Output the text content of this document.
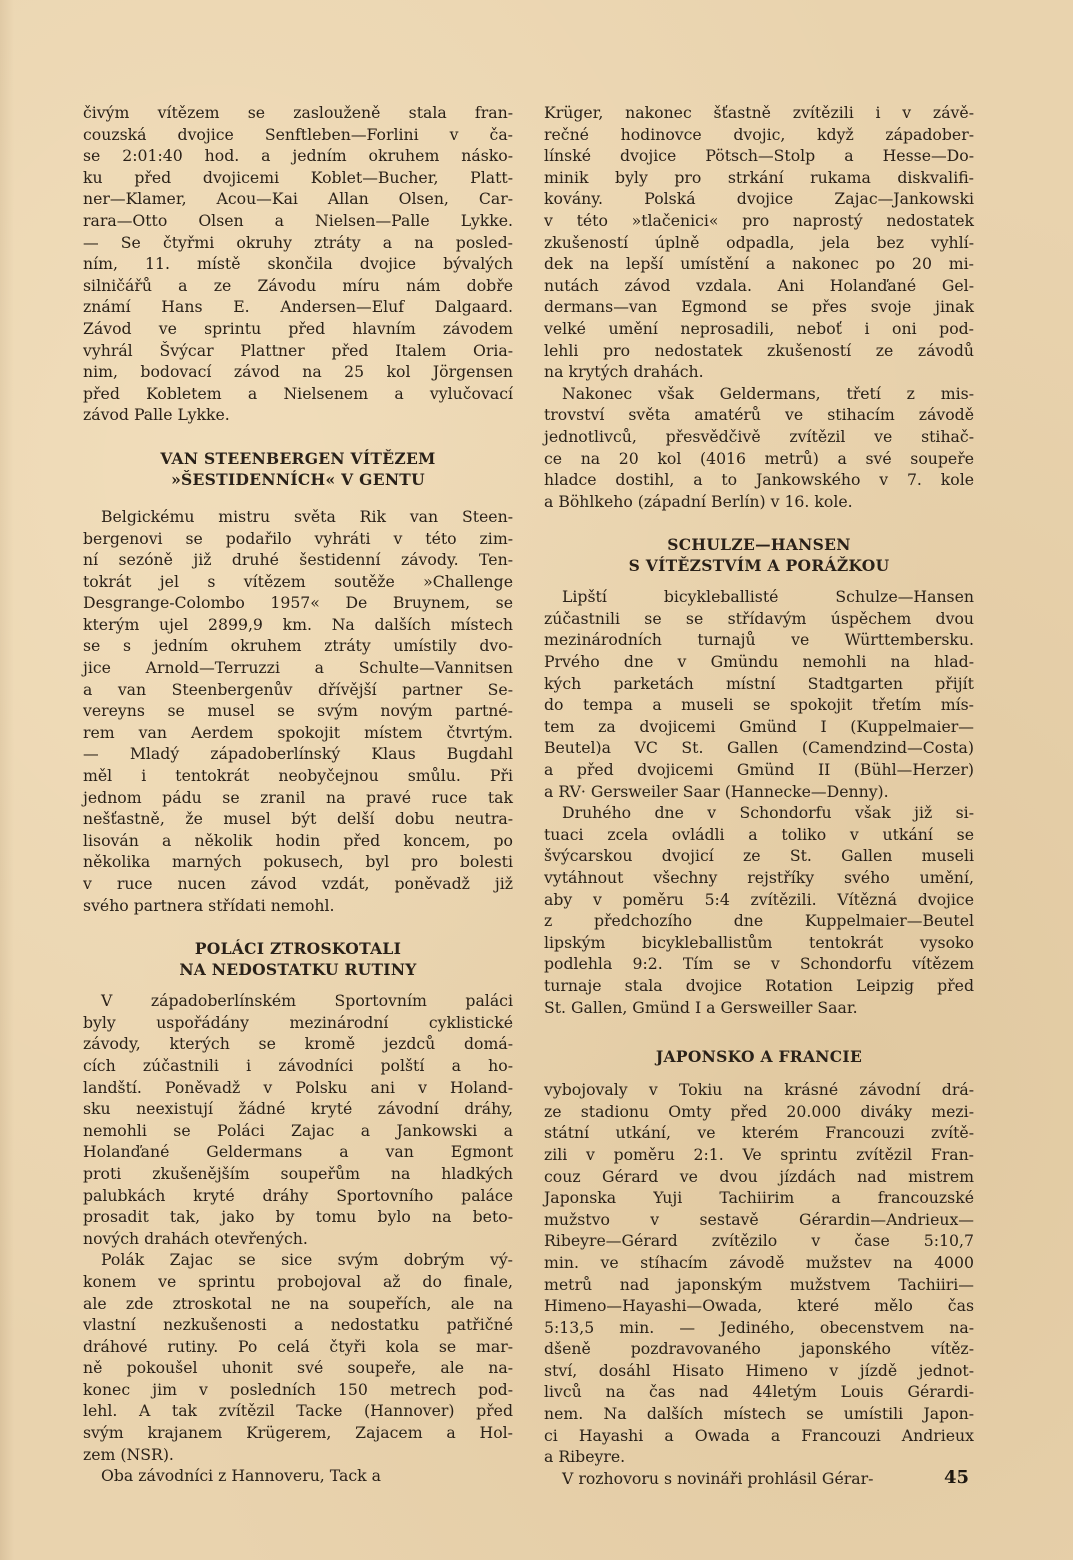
čivým vítězem se zaslouženě stala fran-
couzská dvojice Senftleben—Forlini v ča-
se 2:01:40 hod. a jedním okruhem násko-
ku před dvojicemi Koblet—Bucher, Platt-
ner—Klamer, Acou—Kai Allan Olsen, Car-
rara—Otto Olsen a Nielsen—Palle Lykke.
— Se čtyřmi okruhy ztráty a na posled-
ním, 11. místě skončila dvojice bývalých
silničářů a ze Závodu míru nám dobře
známí Hans E. Andersen—Eluf Dalgaard.
Závod ve sprintu před hlavním závodem
vyhrál Švýcar Plattner před Italem Oria-
nim, bodovací závod na 25 kol Jörgensen
před Kobletem a Nielsenem a vylučovací
závod Palle Lykke.
VAN STEENBERGEN VÍTĚZEM
»ŠESTIDENNÍCH« V GENTU
Belgickému mistru světa Rik van Steen-
bergenovi se podařilo vyhráti v této zim-
ní sezóně již druhé šestidenní závody. Ten-
tokrát jel s vítězem soutěže »Challenge
Desgrange-Colombo 1957« De Bruynem, se
kterým ujel 2899,9 km. Na dalších místech
se s jedním okruhem ztráty umístily dvo-
jice Arnold—Terruzzi a Schulte—Vannitsen
a van Steenbergenův dřívější partner Se-
vereyns se musel se svým novým partné-
rem van Aerdem spokojit místem čtvrtým.
— Mladý západoberlínský Klaus Bugdahl
měl i tentokrát neobyčejnou smůlu. Při
jednom pádu se zranil na pravé ruce tak
nešťastně, že musel být delší dobu neutra-
lisován a několik hodin před koncem, po
několika marných pokusech, byl pro bolesti
v ruce nucen závod vzdát, poněvadž již
svého partnera střídati nemohl.
POLÁCI ZTROSKOTALI
NA NEDOSTATKU RUTINY
V západoberlínském Sportovním paláci
byly uspořádány mezinárodní cyklistické
závody, kterých se kromě jezdců domá-
cích zúčastnili i závodníci polští a ho-
landští. Poněvadž v Polsku ani v Holand-
sku neexistují žádné kryté závodní dráhy,
nemohli se Poláci Zajac a Jankowski a
Holanďané Geldermans a van Egmont
proti zkušenějším soupeřům na hladkých
palubkách kryté dráhy Sportovního paláce
prosadit tak, jako by tomu bylo na beto-
nových drahách otevřených.
Polák Zajac se sice svým dobrým vý-
konem ve sprintu probojoval až do finale,
ale zde ztroskotal ne na soupeřích, ale na
vlastní nezkušenosti a nedostatku patřičné
dráhové rutiny. Po celá čtyři kola se mar-
ně pokoušel uhonit své soupeře, ale na-
konec jim v posledních 150 metrech pod-
lehl. A tak zvítězil Tacke (Hannover) před
svým krajanem Krügerem, Zajacem a Hol-
zem (NSR).
Oba závodníci z Hannoveru, Tack a
Krüger, nakonec šťastně zvítězili i v závě-
rečné hodinovce dvojic, když západober-
línské dvojice Pötsch—Stolp a Hesse—Do-
minik byly pro strkání rukama diskvalifi-
kovány. Polská dvojice Zajac—Jankowski
v této »tlačenici« pro naprostý nedostatek
zkušeností úplně odpadla, jela bez vyhlí-
dek na lepší umístění a nakonec po 20 mi-
nutách závod vzdala. Ani Holanďané Gel-
dermans—van Egmond se přes svoje jinak
velké umění neprosadili, neboť i oni pod-
lehli pro nedostatek zkušeností ze závodů
na krytých drahách.
Nakonec však Geldermans, třetí z mis-
trovství světa amatérů ve stihacím závodě
jednotlivců, přesvědčivě zvítězil ve stihač-
ce na 20 kol (4016 metrů) a své soupeře
hladce dostihl, a to Jankowského v 7. kole
a Böhlkeho (západní Berlín) v 16. kole.
SCHULZE—HANSEN
S VÍTĚZSTVÍM A PORÁŽKOU
Lipští bicykleballisté Schulze—Hansen
zúčastnili se se střídavým úspěchem dvou
mezinárodních turnajů ve Württembersku.
Prvého dne v Gmündu nemohli na hlad-
kých parketách místní Stadtgarten přijít
do tempa a museli se spokojit třetím mís-
tem za dvojicemi Gmünd I (Kuppelmaier—
Beutel)a VC St. Gallen (Camendzind—Costa)
a před dvojicemi Gmünd II (Bühl—Herzer)
a RV· Gersweiler Saar (Hannecke—Denny).
Druhého dne v Schondorfu však již si-
tuaci zcela ovládli a toliko v utkání se
švýcarskou dvojicí ze St. Gallen museli
vytáhnout všechny rejstříky svého umění,
aby v poměru 5:4 zvítězili. Vítězná dvojice
z předchozího dne Kuppelmaier—Beutel
lipským bicykleballistům tentokrát vysoko
podlehla 9:2. Tím se v Schondorfu vítězem
turnaje stala dvojice Rotation Leipzig před
St. Gallen, Gmünd I a Gersweiller Saar.
JAPONSKO A FRANCIE
vybojovaly v Tokiu na krásné závodní drá-
ze stadionu Omty před 20.000 diváky mezi-
státní utkání, ve kterém Francouzi zvítě-
zili v poměru 2:1. Ve sprintu zvítězil Fran-
couz Gérard ve dvou jízdách nad mistrem
Japonska Yuji Tachiirim a francouzské
mužstvo v sestavě Gérardin—Andrieux—
Ribeyre—Gérard zvítězilo v čase 5:10,7
min. ve stíhacím závodě mužstev na 4000
metrů nad japonským mužstvem Tachiiri—
Himeno—Hayashi—Owada, které mělo čas
5:13,5 min. — Jediného, obecenstvem na-
dšeně pozdravovaného japonského vítěz-
ství, dosáhl Hisato Himeno v jízdě jednot-
livců na čas nad 44letým Louis Gérardi-
nem. Na dalších místech se umístili Japon-
ci Hayashi a Owada a Francouzi Andrieux
a Ribeyre.
V rozhovoru s novináři prohlásil Gérar-	45
